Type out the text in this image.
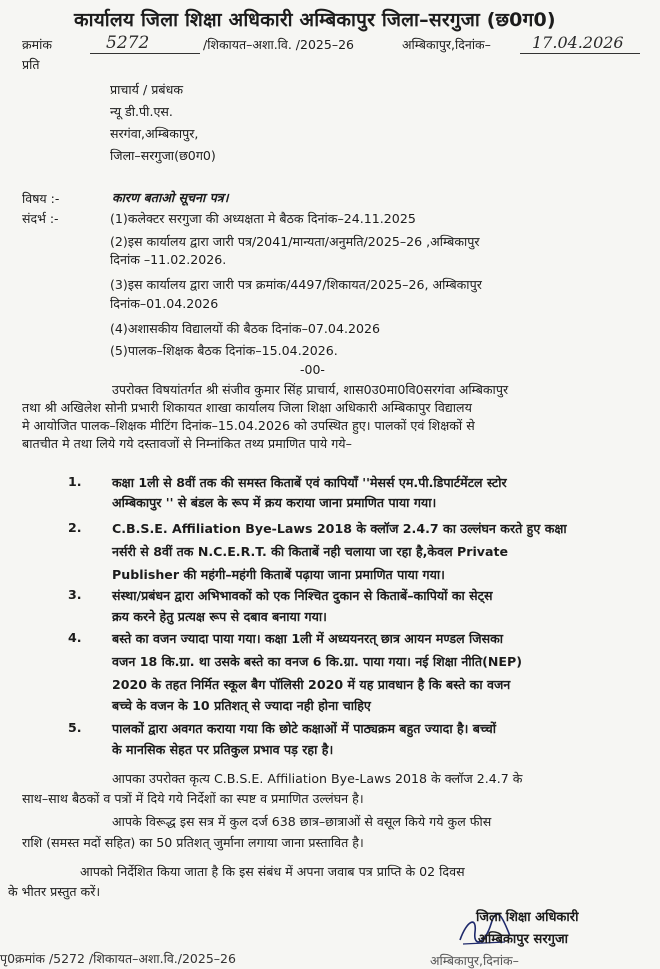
कार्यालय जिला शिक्षा अधिकारी अम्बिकापुर जिला–सरगुजा (छ0ग0)
क्रमांक	5272	/शिकायत–अशा.वि. /2025–26	अम्बिकापुर,दिनांक–	17.04.2026
प्रति
प्राचार्य / प्रबंधक
न्यू डी.पी.एस.
सरगंवा,अम्बिकापुर,
जिला–सरगुजा(छ0ग0)
विषय :-	कारण बताओ सूचना पत्र।
संदर्भ :-	(1)कलेक्टर सरगुजा की अध्यक्षता मे बैठक दिनांक–24.11.2025
(2)इस कार्यालय द्वारा जारी पत्र/2041/मान्यता/अनुमति/2025–26 ,अम्बिकापुर
दिनांक –11.02.2026.
(3)इस कार्यालय द्वारा जारी पत्र क्रमांक/4497/शिकायत/2025–26, अम्बिकापुर
दिनांक–01.04.2026
(4)अशासकीय विद्यालयों की बैठक दिनांक–07.04.2026
(5)पालक–शिक्षक बैठक दिनांक–15.04.2026.
-00-
उपरोक्त विषयांतर्गत श्री संजीव कुमार सिंह प्राचार्य, शास0उ0मा0वि0सरगंवा अम्बिकापुर
तथा श्री अखिलेश सोनी प्रभारी शिकायत शाखा कार्यालय जिला शिक्षा अधिकारी अम्बिकापुर विद्यालय
मे आयोजित पालक–शिक्षक मीटिंग दिनांक–15.04.2026 को उपस्थित हुए। पालकों एवं शिक्षकों से
बातचीत मे तथा लिये गये दस्तावजों से निम्नांकित तथ्य प्रमाणित पाये गये–
1. कक्षा 1ली से 8वीं तक की समस्त किताबें एवं कापियाँ ''मेसर्स एम.पी.डिपार्टमेंटल स्टोर
अम्बिकापुर '' से बंडल के रूप में क्रय कराया जाना प्रमाणित पाया गया।
2. C.B.S.E. Affiliation Bye-Laws 2018 के क्लॉज 2.4.7 का उल्लंघन करते हुए कक्षा
नर्सरी से 8वीं तक N.C.E.R.T. की किताबें नही चलाया जा रहा है,केवल Private
Publisher की महंगी–महंगी किताबें पढ़ाया जाना प्रमाणित पाया गया।
3. संस्था/प्रबंधन द्वारा अभिभावकों को एक निश्चित दुकान से किताबें–कापियों का सेट्स
क्रय करने हेतु प्रत्यक्ष रूप से दबाव बनाया गया।
4. बस्ते का वजन ज्यादा पाया गया। कक्षा 1ली में अध्ययनरत् छात्र आयन मण्डल जिसका
वजन 18 कि.ग्रा. था उसके बस्ते का वनज 6 कि.ग्रा. पाया गया। नई शिक्षा नीति(NEP)
2020 के तहत निर्मित स्कूल बैग पॉलिसी 2020 में यह प्रावधान है कि बस्ते का वजन
बच्चे के वजन के 10 प्रतिशत् से ज्यादा नही होना चाहिए
5. पालकों द्वारा अवगत कराया गया कि छोटे कक्षाओं में पाठ्यक्रम बहुत ज्यादा है। बच्चों
के मानसिक सेहत पर प्रतिकुल प्रभाव पड़ रहा है।
आपका उपरोक्त कृत्य C.B.S.E. Affiliation Bye-Laws 2018 के क्लॉज 2.4.7 के
साथ–साथ बैठकों व पत्रों में दिये गये निर्देशों का स्पष्ट व प्रमाणित उल्लंघन है।
आपके विरूद्ध इस सत्र में कुल दर्ज 638 छात्र–छात्राओं से वसूल किये गये कुल फीस
राशि (समस्त मदों सहित) का 50 प्रतिशत् जुर्माना लगाया जाना प्रस्तावित है।
आपको निर्देशित किया जाता है कि इस संबंध में अपना जवाब पत्र प्राप्ति के 02 दिवस
के भीतर प्रस्तुत करें।
जिला शिक्षा अधिकारी
अम्बिकापुर सरगुजा
पृ0क्रमांक /5272 /शिकायत–अशा.वि./2025–26	अम्बिकापुर,दिनांक–
